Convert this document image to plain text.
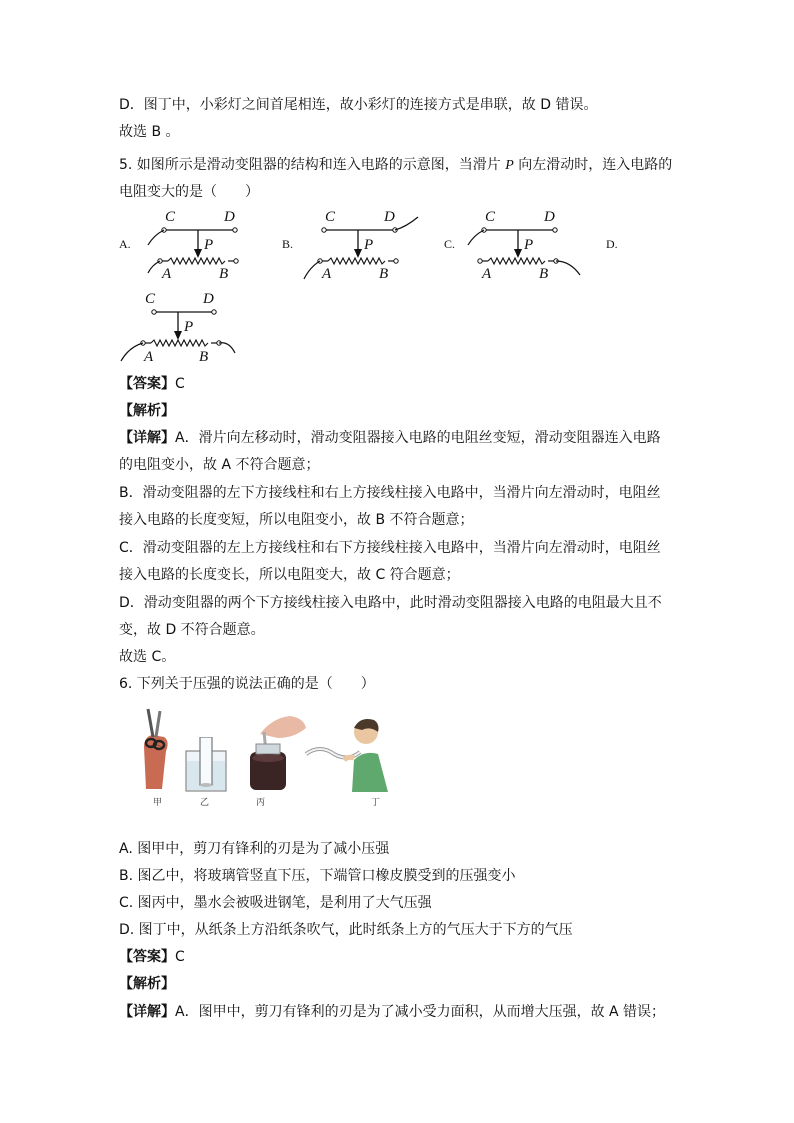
D．图丁中，小彩灯之间首尾相连，故小彩灯的连接方式是串联，故 D 错误。
故选 B 。
5. 如图所示是滑动变阻器的结构和连入电路的示意图，当滑片 P 向左滑动时，连入电路的
电阻变大的是（　　）
A.	B.	C.	D.
C	D
P
A	B
C	D
P
A	B
C	D
P
A	B
C	D
P
A	B
【答案】C
【解析】
【详解】A．滑片向左移动时，滑动变阻器接入电路的电阻丝变短，滑动变阻器连入电路
的电阻变小，故 A 不符合题意；
B．滑动变阻器的左下方接线柱和右上方接线柱接入电路中，当滑片向左滑动时，电阻丝
接入电路的长度变短，所以电阻变小，故 B 不符合题意；
C．滑动变阻器的左上方接线柱和右下方接线柱接入电路中，当滑片向左滑动时，电阻丝
接入电路的长度变长，所以电阻变大，故 C 符合题意；
D．滑动变阻器的两个下方接线柱接入电路中，此时滑动变阻器接入电路的电阻最大且不
变，故 D 不符合题意。
故选 C。
6. 下列关于压强的说法正确的是（　　）
甲	乙	丙	丁
A. 图甲中，剪刀有锋利的刃是为了减小压强
B. 图乙中，将玻璃管竖直下压，下端管口橡皮膜受到的压强变小
C. 图丙中，墨水会被吸进钢笔，是利用了大气压强
D. 图丁中，从纸条上方沿纸条吹气，此时纸条上方的气压大于下方的气压
【答案】C
【解析】
【详解】A．图甲中，剪刀有锋利的刃是为了减小受力面积，从而增大压强，故 A 错误；
